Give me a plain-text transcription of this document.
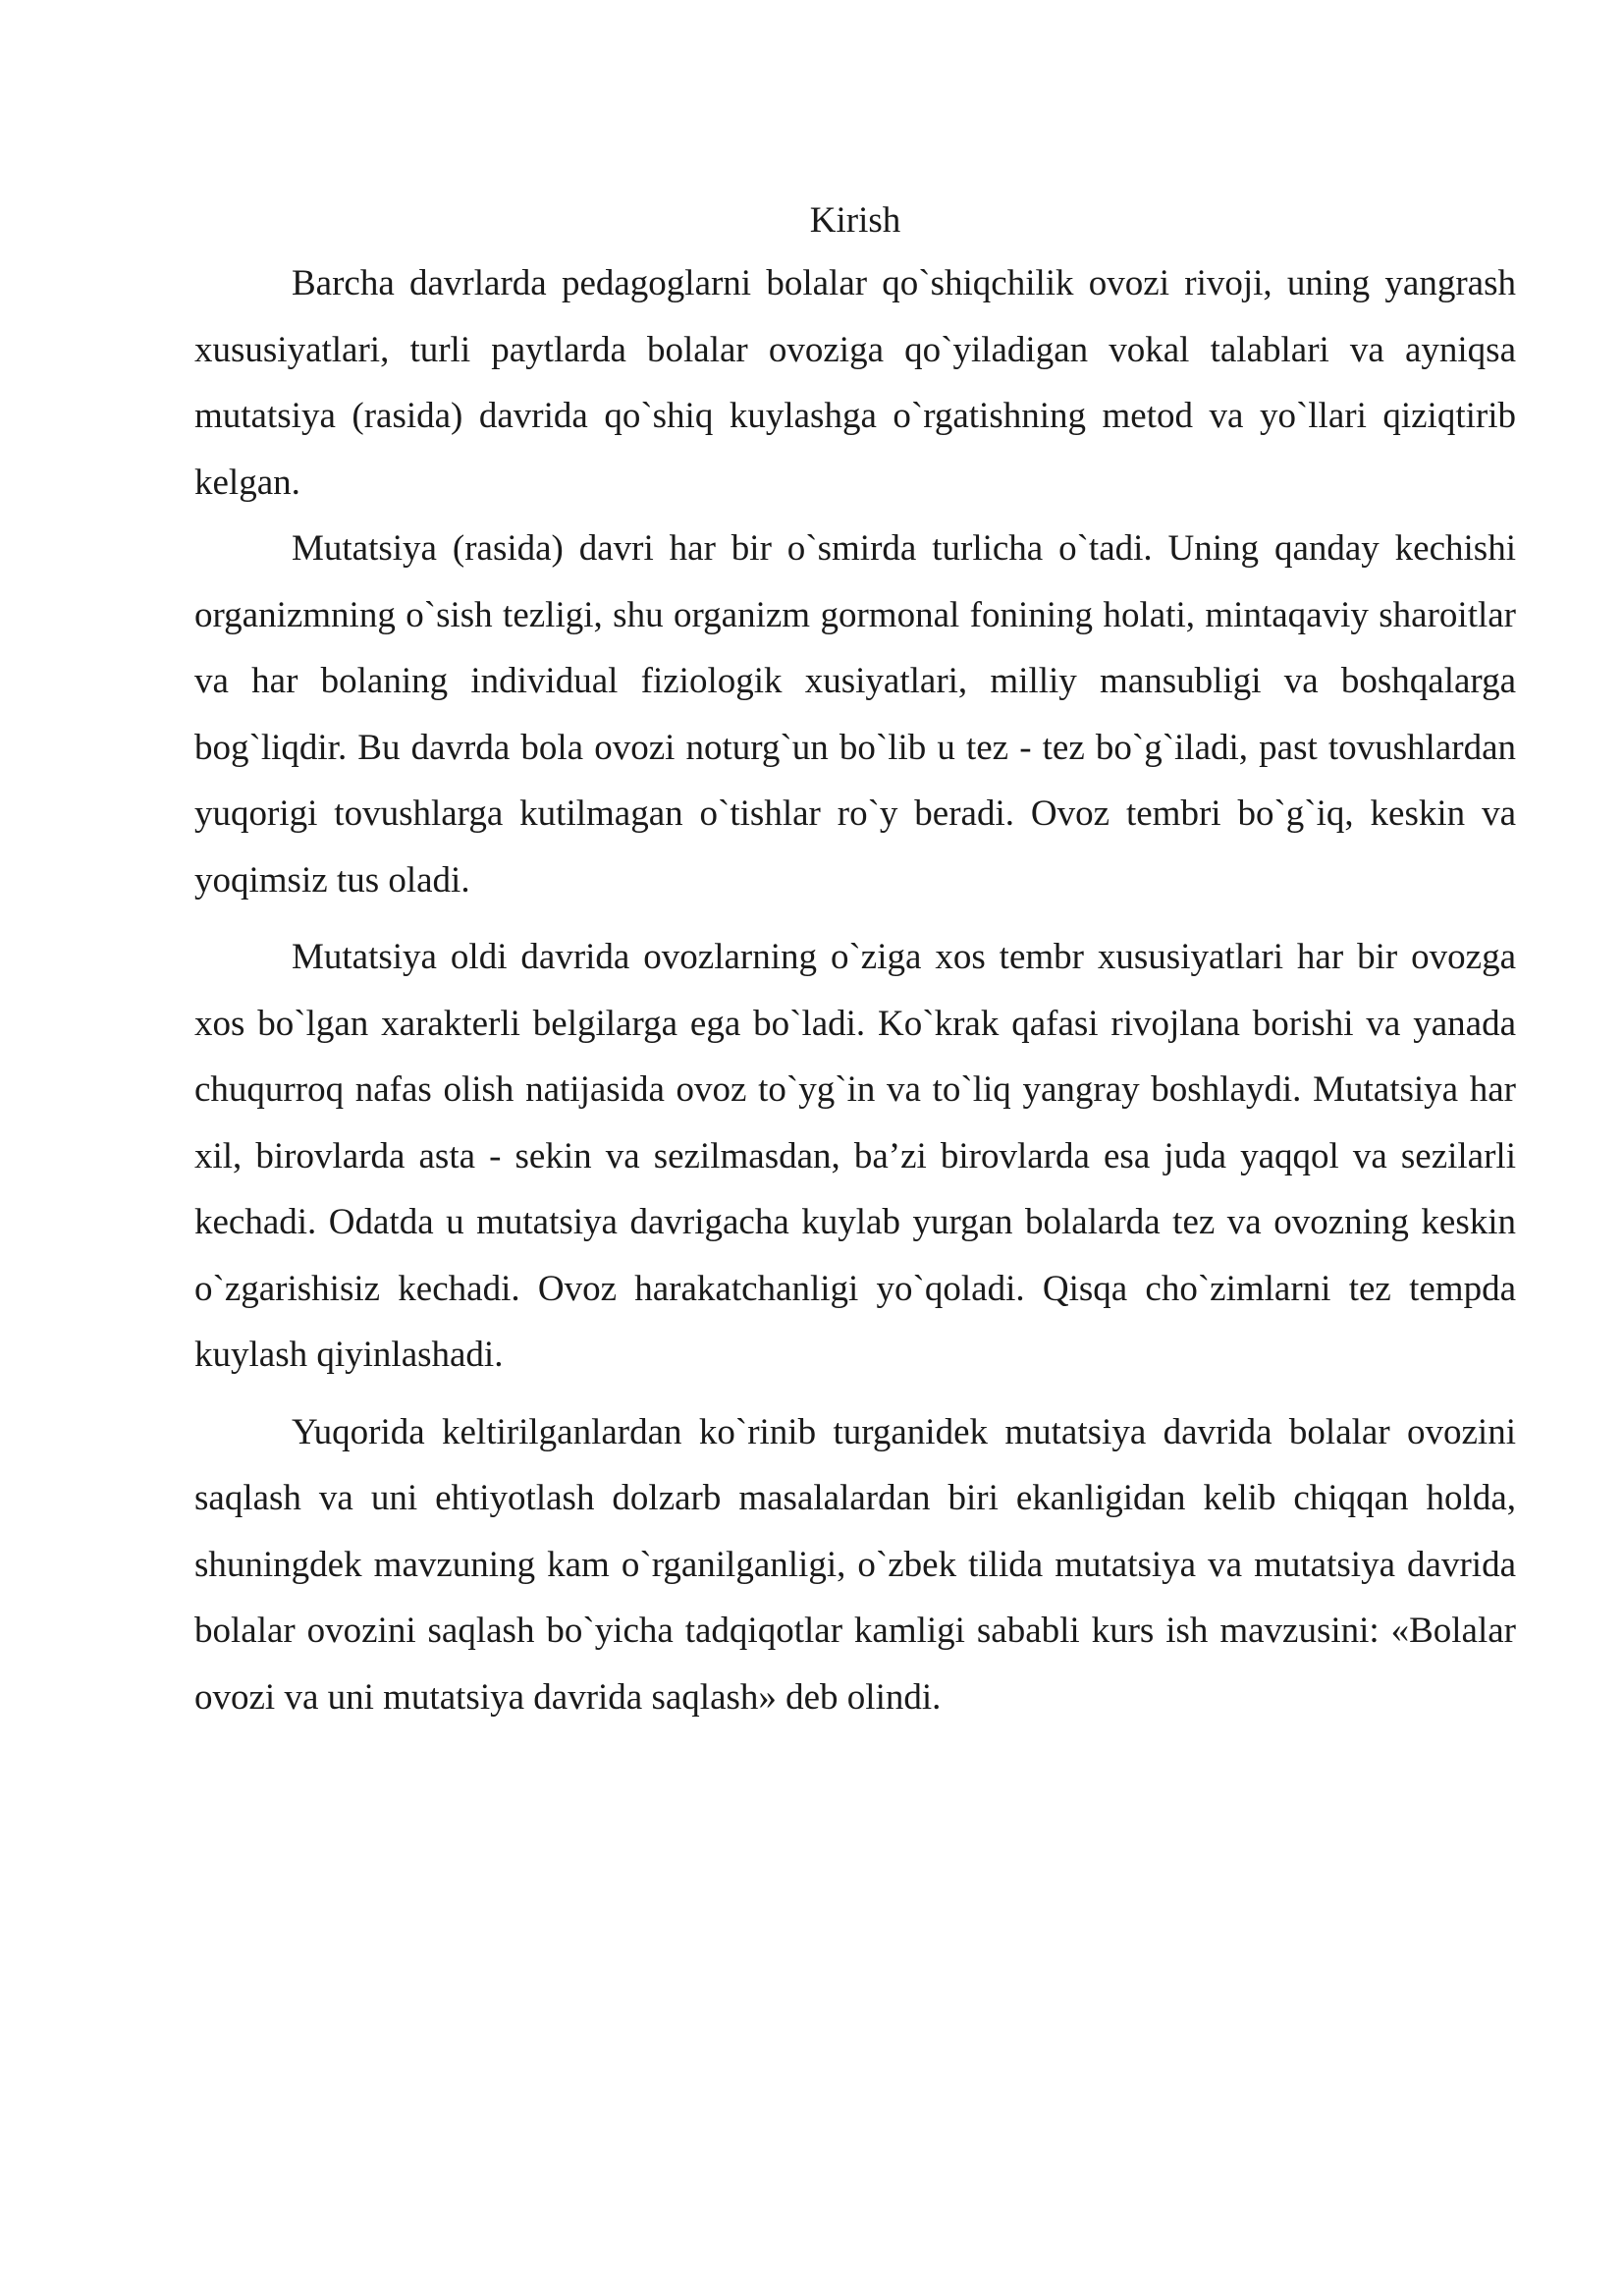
Kirish

Barcha davrlarda pedagoglarni bolalar qo`shiqchilik ovozi rivoji, uning yangrash xususiyatlari, turli paytlarda bolalar ovoziga qo`yiladigan vokal talablari va ayniqsa mutatsiya (rasida) davrida qo`shiq kuylashga o`rgatishning metod va yo`llari qiziqtirib kelgan.

Mutatsiya (rasida) davri har bir o`smirda turlicha o`tadi. Uning qanday kechishi organizmning o`sish tezligi, shu organizm gormonal fonining holati, mintaqaviy sharoitlar va har bolaning individual fiziologik xusiyatlari, milliy mansubligi va boshqalarga bog`liqdir. Bu davrda bola ovozi noturg`un bo`lib u tez - tez bo`g`iladi, past tovushlardan yuqorigi tovushlarga kutilmagan o`tishlar ro`y beradi. Ovoz tembri bo`g`iq, keskin va yoqimsiz tus oladi.

Mutatsiya oldi davrida ovozlarning o`ziga xos tembr xususiyatlari har bir ovozga xos bo`lgan xarakterli belgilarga ega bo`ladi. Ko`krak qafasi rivojlana borishi va yanada chuqurroq nafas olish natijasida ovoz to`yg`in va to`liq yangray boshlaydi. Mutatsiya har xil, birovlarda asta - sekin va sezilmasdan, ba’zi birovlarda esa juda yaqqol va sezilarli kechadi. Odatda u mutatsiya davrigacha kuylab yurgan bolalarda tez va ovozning keskin o`zgarishisiz kechadi. Ovoz harakatchanligi yo`qoladi. Qisqa cho`zimlarni tez tempda kuylash qiyinlashadi.

Yuqorida keltirilganlardan ko`rinib turganidek mutatsiya davrida bolalar ovozini saqlash va uni ehtiyotlash dolzarb masalalardan biri ekanligidan kelib chiqqan holda, shuningdek mavzuning kam o`rganilganligi, o`zbek tilida mutatsiya va mutatsiya davrida bolalar ovozini saqlash bo`yicha tadqiqotlar kamligi sababli kurs ish mavzusini: «Bolalar ovozi va uni mutatsiya davrida saqlash» deb olindi.
